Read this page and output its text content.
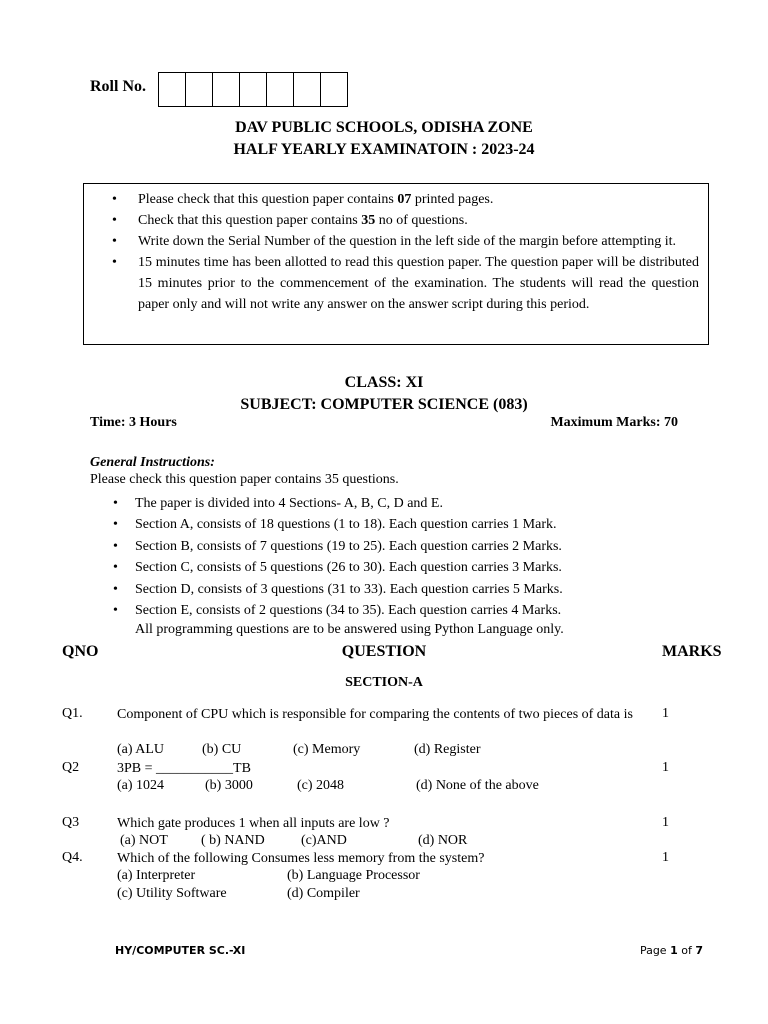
Roll No.
DAV PUBLIC SCHOOLS, ODISHA ZONE
HALF YEARLY EXAMINATOIN : 2023-24
• Please check that this question paper contains 07 printed pages.
• Check that this question paper contains 35 no of questions.
• Write down the Serial Number of the question in the left side of the margin before attempting it.
• 15 minutes time has been allotted to read this question paper. The question paper will be distributed 15 minutes prior to the commencement of the examination. The students will read the question paper only and will not write any answer on the answer script during this period.
CLASS: XI
SUBJECT: COMPUTER SCIENCE (083)
Time: 3 Hours	Maximum Marks: 70
General Instructions:
Please check this question paper contains 35 questions.
• The paper is divided into 4 Sections- A, B, C, D and E.
• Section A, consists of 18 questions (1 to 18). Each question carries 1 Mark.
• Section B, consists of 7 questions (19 to 25). Each question carries 2 Marks.
• Section C, consists of 5 questions (26 to 30). Each question carries 3 Marks.
• Section D, consists of 3 questions (31 to 33). Each question carries 5 Marks.
• Section E, consists of 2 questions (34 to 35). Each question carries 4 Marks.
All programming questions are to be answered using Python Language only.
QNO	QUESTION	MARKS
SECTION-A
Q1. Component of CPU which is responsible for comparing the contents of two pieces of data is 1
(a) ALU	(b) CU	(c) Memory	(d) Register
Q2	3PB = ___________TB	1
(a) 1024	(b) 3000	(c) 2048	(d) None of the above
Q3	Which gate produces 1 when all inputs are low ?	1
(a) NOT ( b) NAND	(c)AND	(d) NOR
Q4. Which of the following Consumes less memory from the system?	1
(a) Interpreter	(b) Language Processor
(c) Utility Software	(d) Compiler
HY/COMPUTER SC.-XI	Page 1 of 7
